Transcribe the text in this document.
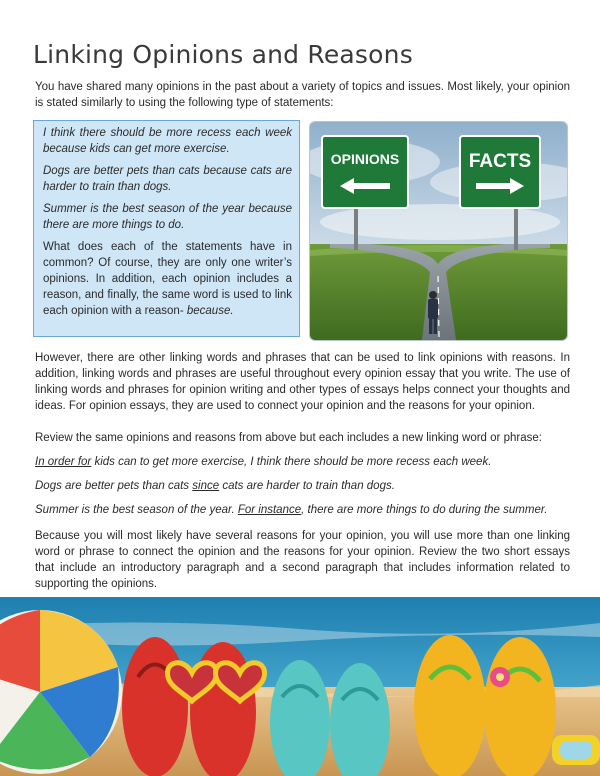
Linking Opinions and Reasons

You have shared many opinions in the past about a variety of topics and issues. Most likely, your opinion is stated similarly to using the following type of statements:

I think there should be more recess each week because kids can get more exercise.

Dogs are better pets than cats because cats are harder to train than dogs.

Summer is the best season of the year because there are more things to do.

What does each of the statements have in common? Of course, they are only one writer’s opinions. In addition, each opinion includes a reason, and finally, the same word is used to link each opinion with a reason- because.

OPINIONS	FACTS

However, there are other linking words and phrases that can be used to link opinions with reasons. In addition, linking words and phrases are useful throughout every opinion essay that you write. The use of linking words and phrases for opinion writing and other types of essays helps connect your thoughts and ideas. For opinion essays, they are used to connect your opinion and the reasons for your opinion.

Review the same opinions and reasons from above but each includes a new linking word or phrase:

In order for kids can to get more exercise, I think there should be more recess each week.

Dogs are better pets than cats since cats are harder to train than dogs.

Summer is the best season of the year. For instance, there are more things to do during the summer.

Because you will most likely have several reasons for your opinion, you will use more than one linking word or phrase to connect the opinion and the reasons for your opinion. Review the two short essays that include an introductory paragraph and a second paragraph that includes information related to supporting the opinions.
